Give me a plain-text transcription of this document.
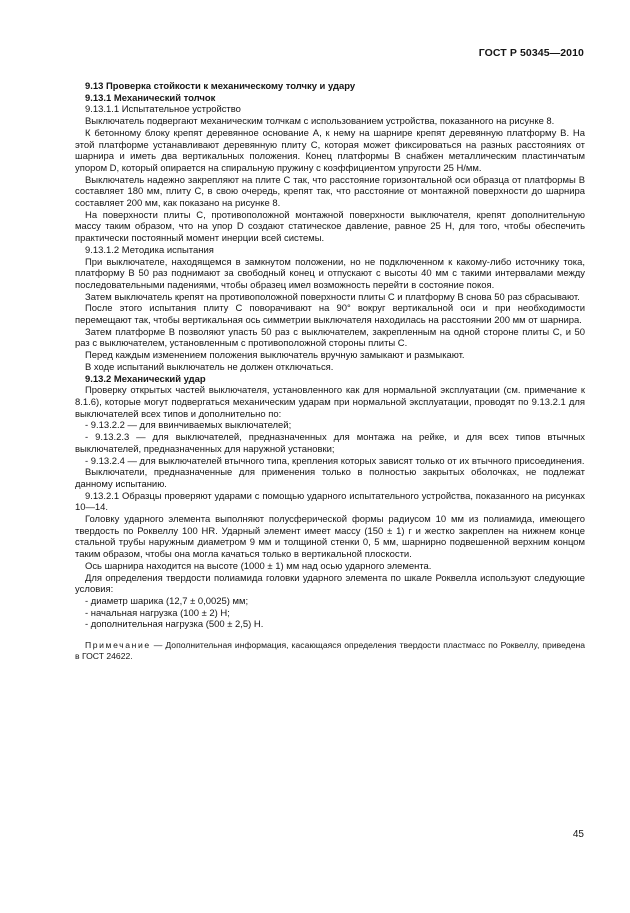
ГОСТ Р 50345—2010

9.13 Проверка стойкости к механическому толчку и удару

9.13.1 Механический толчок

9.13.1.1 Испытательное устройство

Выключатель подвергают механическим толчкам с использованием устройства, показанного на рисунке 8.

К бетонному блоку крепят деревянное основание А, к нему на шарнире крепят деревянную платформу В. На этой платформе устанавливают деревянную плиту С, которая может фиксироваться на разных расстояниях от шарнира и иметь два вертикальных положения. Конец платформы В снабжен металлическим пластинчатым упором D, который опирается на спиральную пружину с коэффициентом упругости 25 Н/мм.

Выключатель надежно закрепляют на плите С так, что расстояние горизонтальной оси образца от платформы В составляет 180 мм, плиту С, в свою очередь, крепят так, что расстояние от монтажной поверхности до шарнира составляет 200 мм, как показано на рисунке 8.

На поверхности плиты С, противоположной монтажной поверхности выключателя, крепят дополнительную массу таким образом, что на упор D создают статическое давление, равное 25 Н, для того, чтобы обеспечить практически постоянный момент инерции всей системы.

9.13.1.2 Методика испытания

При выключателе, находящемся в замкнутом положении, но не подключенном к какому-либо источнику тока, платформу В 50 раз поднимают за свободный конец и отпускают с высоты 40 мм с такими интервалами между последовательными падениями, чтобы образец имел возможность перейти в состояние покоя.

Затем выключатель крепят на противоположной поверхности плиты С и платформу В снова 50 раз сбрасывают.

После этого испытания плиту С поворачивают на 90° вокруг вертикальной оси и при необходимости перемещают так, чтобы вертикальная ось симметрии выключателя находилась на расстоянии 200 мм от шарнира.

Затем платформе В позволяют упасть 50 раз с выключателем, закрепленным на одной стороне плиты С, и 50 раз с выключателем, установленным с противоположной стороны плиты С.

Перед каждым изменением положения выключатель вручную замыкают и размыкают.

В ходе испытаний выключатель не должен отключаться.

9.13.2 Механический удар

Проверку открытых частей выключателя, установленного как для нормальной эксплуатации (см. примечание к 8.1.6), которые могут подвергаться механическим ударам при нормальной эксплуатации, проводят по 9.13.2.1 для выключателей всех типов и дополнительно по:

- 9.13.2.2 — для ввинчиваемых выключателей;

- 9.13.2.3 — для выключателей, предназначенных для монтажа на рейке, и для всех типов втычных выключателей, предназначенных для наружной установки;

- 9.13.2.4 — для выключателей втычного типа, крепления которых зависят только от их втычного присоединения.

Выключатели, предназначенные для применения только в полностью закрытых оболочках, не подлежат данному испытанию.

9.13.2.1 Образцы проверяют ударами с помощью ударного испытательного устройства, показанного на рисунках 10—14.

Головку ударного элемента выполняют полусферической формы радиусом 10 мм из полиамида, имеющего твердость по Роквеллу 100 HR. Ударный элемент имеет массу (150 ± 1) г и жестко закреплен на нижнем конце стальной трубы наружным диаметром 9 мм и толщиной стенки 0, 5 мм, шарнирно подвешенной верхним концом таким образом, чтобы она могла качаться только в вертикальной плоскости.

Ось шарнира находится на высоте (1000 ± 1) мм над осью ударного элемента.

Для определения твердости полиамида головки ударного элемента по шкале Роквелла используют следующие условия:

- диаметр шарика (12,7 ± 0,0025) мм;

- начальная нагрузка (100 ± 2) Н;

- дополнительная нагрузка (500 ± 2,5) Н.

Примечание — Дополнительная информация, касающаяся определения твердости пластмасс по Роквеллу, приведена в ГОСТ 24622.

45
